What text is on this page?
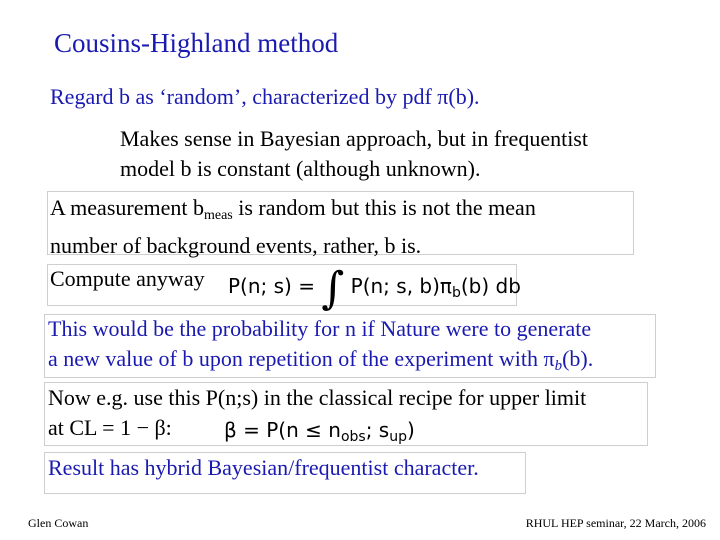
Cousins-Highland method
Regard b as ‘random’, characterized by pdf π(b).
Makes sense in Bayesian approach, but in frequentist
model b is constant (although unknown).
A measurement bmeas is random but this is not the mean
number of background events, rather, b is.
Compute anyway P(n; s) = ∫ P(n; s, $b)\pi_b(b)$ db
This would be the probability for n if Nature were to generate
a new value of b upon repetition of the experiment with πb(b).
Now e.g. use this P(n;s) in the classical recipe for upper limit
at CL = 1 − β:	$\beta = P(n \le n_{obs}$; $s_{up}$)
Result has hybrid Bayesian/frequentist character.
Glen Cowan	RHUL HEP seminar, 22 March, 2006
